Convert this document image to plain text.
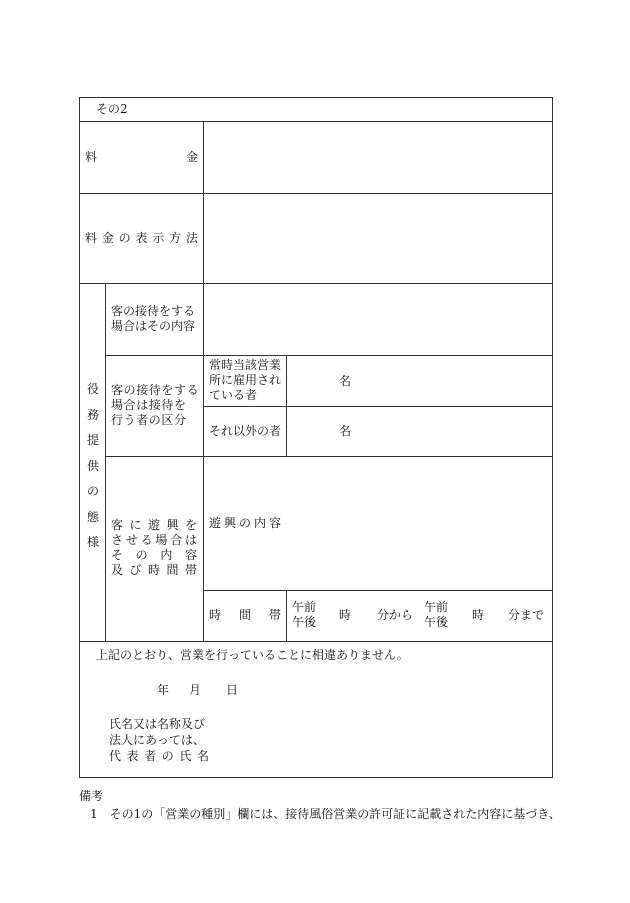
その2
料	金
料 金 の 表 示 方 法
役
務
提
供
の
態
様
客の接待をする
場合はその内容
客の接待をする
場合は接待を
行う者の区分
常時当該営業
所に雇用され
ている者
名
それ以外の者	名
客 に 遊 興 を
さ せ る 場 合 は
そ の 内 容
及 び 時 間 帯
遊 興 の 内 容
時 間 帯
午前
午後 時 分から
午前
午後 時 分まで
上記のとおり、営業を行っていることに相違ありません。
年 月 日
氏名又は名称及び
法人にあっては、
代 表 者 の 氏 名
備考
1　その1の「営業の種別」欄には、接待風俗営業の許可証に記載された内容に基づき、
